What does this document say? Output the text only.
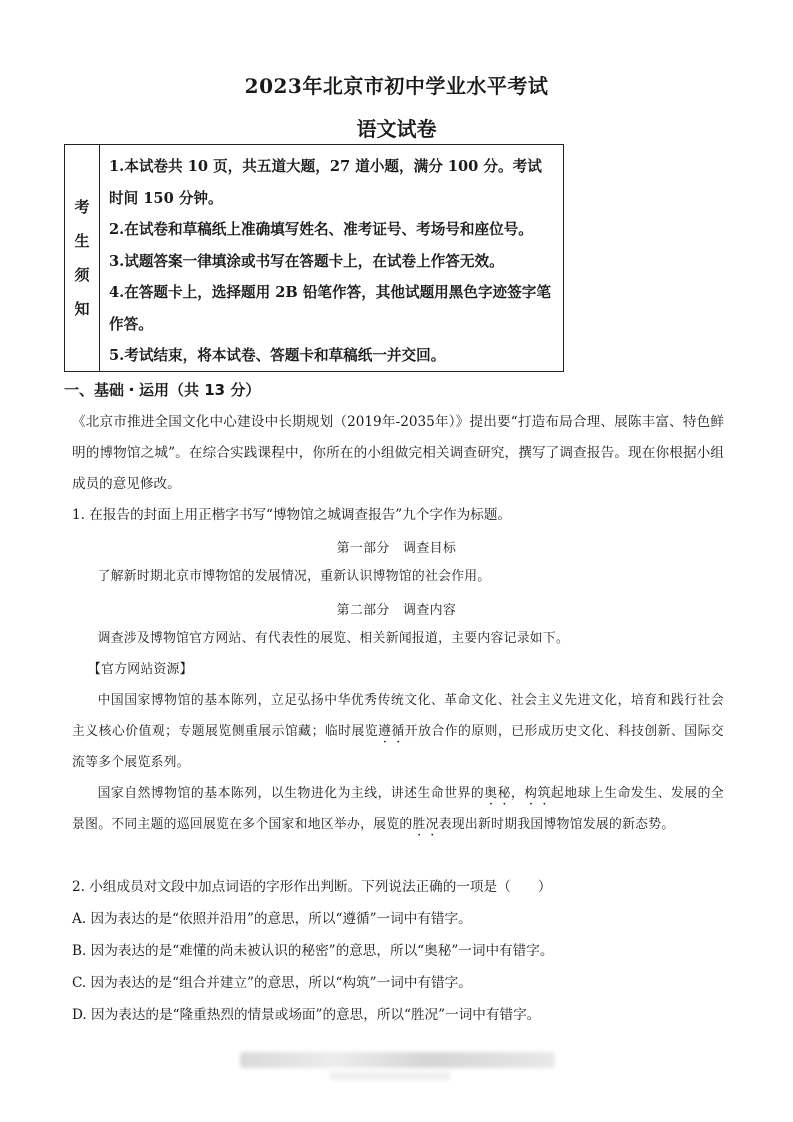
2023年北京市初中学业水平考试
语文试卷
考生须知
1.本试卷共 10 页，共五道大题，27 道小题，满分 100 分。考试时间 150 分钟。
2.在试卷和草稿纸上准确填写姓名、准考证号、考场号和座位号。
3.试题答案一律填涂或书写在答题卡上，在试卷上作答无效。
4.在答题卡上，选择题用 2B 铅笔作答，其他试题用黑色字迹签字笔作答。
5.考试结束，将本试卷、答题卡和草稿纸一并交回。
一、基础・运用（共 13 分）
《北京市推进全国文化中心建设中长期规划（2019年-2035年）》提出要“打造布局合理、展陈丰富、特色鲜明的博物馆之城”。在综合实践课程中，你所在的小组做完相关调查研究，撰写了调查报告。现在你根据小组成员的意见修改。
1. 在报告的封面上用正楷字书写“博物馆之城调查报告”九个字作为标题。
第一部分　调查目标
了解新时期北京市博物馆的发展情况，重新认识博物馆的社会作用。
第二部分　调查内容
调查涉及博物馆官方网站、有代表性的展览、相关新闻报道，主要内容记录如下。
【官方网站资源】
中国国家博物馆的基本陈列，立足弘扬中华优秀传统文化、革命文化、社会主义先进文化，培育和践行社会主义核心价值观；专题展览侧重展示馆藏；临时展览遵循开放合作的原则，已形成历史文化、科技创新、国际交流等多个展览系列。
国家自然博物馆的基本陈列，以生物进化为主线，讲述生命世界的奥秘，构筑起地球上生命发生、发展的全景图。不同主题的巡回展览在多个国家和地区举办，展览的胜况表现出新时期我国博物馆发展的新态势。
2. 小组成员对文段中加点词语的字形作出判断。下列说法正确的一项是（　　）
A. 因为表达的是“依照并沿用”的意思，所以“遵循”一词中有错字。
B. 因为表达的是“难懂的尚未被认识的秘密”的意思，所以“奥秘”一词中有错字。
C. 因为表达的是“组合并建立”的意思，所以“构筑”一词中有错字。
D. 因为表达的是“隆重热烈的情景或场面”的意思，所以“胜况”一词中有错字。
